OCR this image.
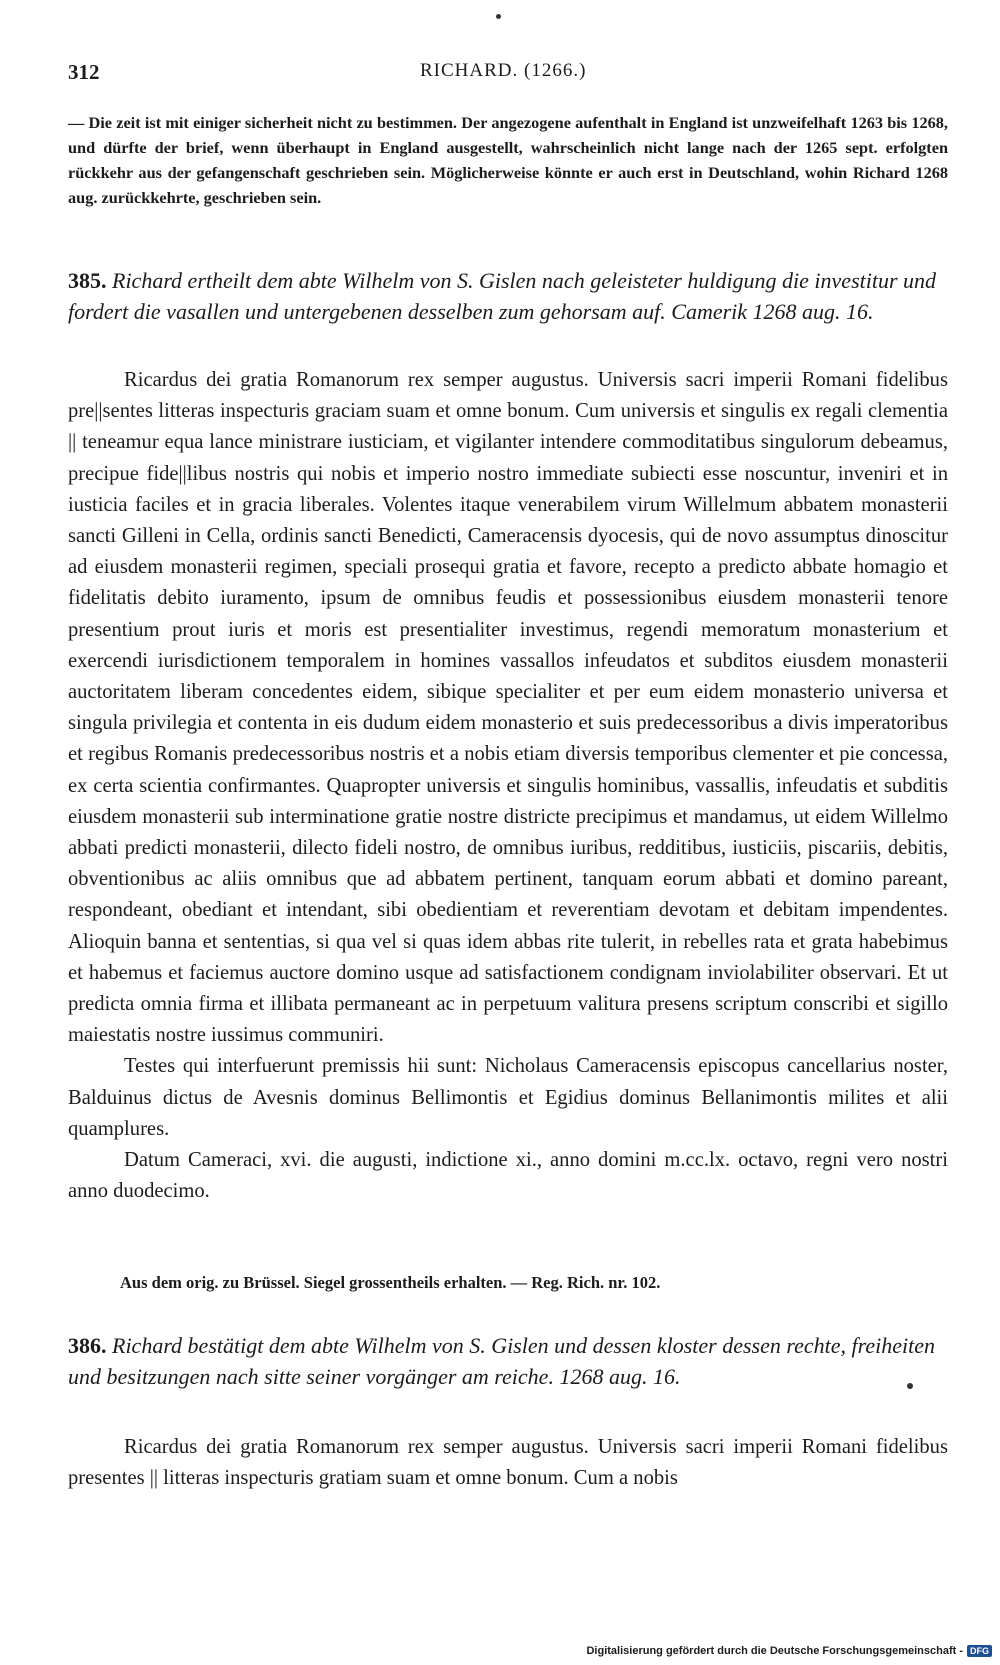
312	RICHARD. (1266.)
— Die zeit ist mit einiger sicherheit nicht zu bestimmen. Der angezogene aufenthalt in England ist unzweifelhaft 1263 bis 1268, und dürfte der brief, wenn überhaupt in England ausgestellt, wahrscheinlich nicht lange nach der 1265 sept. erfolgten rückkehr aus der gefangenschaft geschrieben sein. Möglicherweise könnte er auch erst in Deutschland, wohin Richard 1268 aug. zurückkehrte, geschrieben sein.
385. Richard ertheilt dem abte Wilhelm von S. Gislen nach geleisteter huldigung die investitur und fordert die vasallen und untergebenen desselben zum gehorsam auf. Camerik 1268 aug. 16.

Ricardus dei gratia Romanorum rex semper augustus. Universis sacri imperii Romani fidelibus pre||sentes litteras inspecturis graciam suam et omne bonum. Cum universis et singulis ex regali clementia || teneamur equa lance ministrare iusticiam, et vigilanter intendere commoditatibus singulorum debeamus, precipue fide||libus nostris qui nobis et imperio nostro immediate subiecti esse noscuntur, inveniri et in iusticia faciles et in gracia liberales. Volentes itaque venerabilem virum Willelmum abbatem monasterii sancti Gilleni in Cella, ordinis sancti Benedicti, Cameracensis dyocesis, qui de novo assumptus dinoscitur ad eiusdem monasterii regimen, speciali prosequi gratia et favore, recepto a predicto abbate homagio et fidelitatis debito iuramento, ipsum de omnibus feudis et possessionibus eiusdem monasterii tenore presentium prout iuris et moris est presentialiter investimus, regendi memoratum monasterium et exercendi iurisdictionem temporalem in homines vassallos infeudatos et subditos eiusdem monasterii auctoritatem liberam concedentes eidem, sibique specialiter et per eum eidem monasterio universa et singula privilegia et contenta in eis dudum eidem monasterio et suis predecessoribus a divis imperatoribus et regibus Romanis predecessoribus nostris et a nobis etiam diversis temporibus clementer et pie concessa, ex certa scientia confirmantes. Quapropter universis et singulis hominibus, vassallis, infeudatis et subditis eiusdem monasterii sub interminatione gratie nostre districte precipimus et mandamus, ut eidem Willelmo abbati predicti monasterii, dilecto fideli nostro, de omnibus iuribus, redditibus, iusticiis, piscariis, debitis, obventionibus ac aliis omnibus que ad abbatem pertinent, tanquam eorum abbati et domino pareant, respondeant, obediant et intendant, sibi obedientiam et reverentiam devotam et debitam impendentes. Alioquin banna et sententias, si qua vel si quas idem abbas rite tulerit, in rebelles rata et grata habebimus et habemus et faciemus auctore domino usque ad satisfactionem condignam inviolabiliter observari. Et ut predicta omnia firma et illibata permaneant ac in perpetuum valitura presens scriptum conscribi et sigillo maiestatis nostre iussimus communiri.

Testes qui interfuerunt premissis hii sunt: Nicholaus Cameracensis episcopus cancellarius noster, Balduinus dictus de Avesnis dominus Bellimontis et Egidius dominus Bellanimontis milites et alii quamplures.

Datum Cameraci, xvi. die augusti, indictione xi., anno domini m.cc.lx. octavo, regni vero nostri anno duodecimo.

Aus dem orig. zu Brüssel. Siegel grossentheils erhalten. — Reg. Rich. nr. 102.
386. Richard bestätigt dem abte Wilhelm von S. Gislen und dessen kloster dessen rechte, freiheiten und besitzungen nach sitte seiner vorgänger am reiche. 1268 aug. 16.

Ricardus dei gratia Romanorum rex semper augustus. Universis sacri imperii Romani fidelibus presentes || litteras inspecturis gratiam suam et omne bonum. Cum a nobis

Digitalisierung gefördert durch die Deutsche Forschungsgemeinschaft - DFG
